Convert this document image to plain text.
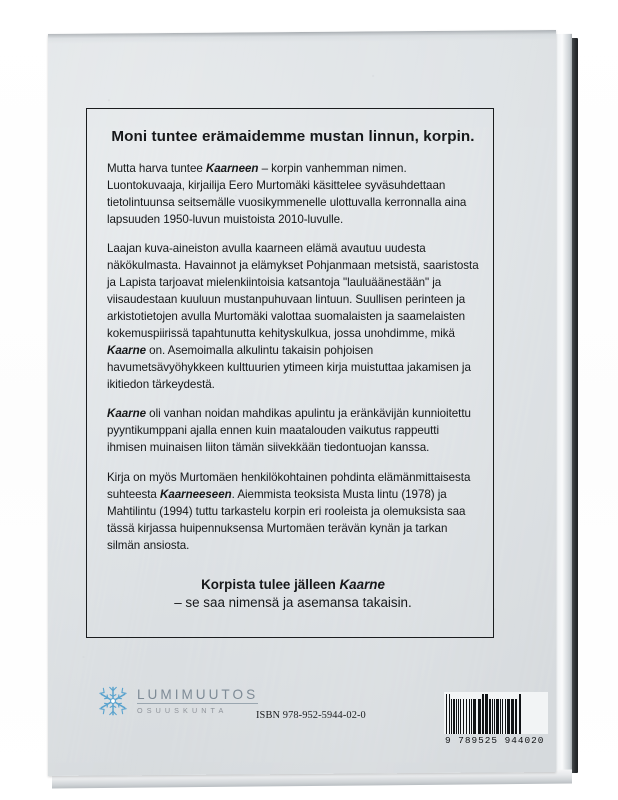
Moni tuntee erämaidemme mustan linnun, korpin.

Mutta harva tuntee Kaarneen – korpin vanhemman nimen. Luontokuvaaja, kirjailija Eero Murtomäki käsittelee syväsuhdettaan tietolintuunsa seitsemälle vuosikymmenelle ulottuvalla kerronnalla aina lapsuuden 1950-luvun muistoista 2010-luvulle.

Laajan kuva-aineiston avulla kaarneen elämä avautuu uudesta näkökulmasta. Havainnot ja elämykset Pohjanmaan metsistä, saaristosta ja Lapista tarjoavat mielenkiintoisia katsantoja "lauluäänestään" ja viisaudestaan kuuluun mustanpuhuvaan lintuun. Suullisen perinteen ja arkistotietojen avulla Murtomäki valottaa suomalaisten ja saamelaisten kokemuspiirissä tapahtunutta kehityskulkua, jossa unohdimme, mikä Kaarne on. Asemoimalla alkulintu takaisin pohjoisen havumetsävyöhykkeen kulttuurien ytimeen kirja muistuttaa jakamisen ja ikitiedon tärkeydestä.

Kaarne oli vanhan noidan mahdikas apulintu ja eränkävijän kunnioitettu pyyntikumppani ajalla ennen kuin maatalouden vaikutus rappeutti ihmisen muinaisen liiton tämän siivekkään tiedontuojan kanssa.

Kirja on myös Murtomäen henkilökohtainen pohdinta elämänmittaisesta suhteesta Kaarneeseen. Aiemmista teoksista Musta lintu (1978) ja Mahtilintu (1994) tuttu tarkastelu korpin eri rooleista ja olemuksista saa tässä kirjassa huipennuksensa Murtomäen terävän kynän ja tarkan silmän ansiosta.

Korpista tulee jälleen Kaarne
– se saa nimensä ja asemansa takaisin.
LUMIMUUTOS
OSUUSKUNTA	ISBN 978-952-5944-02-0
9 789525 944020
